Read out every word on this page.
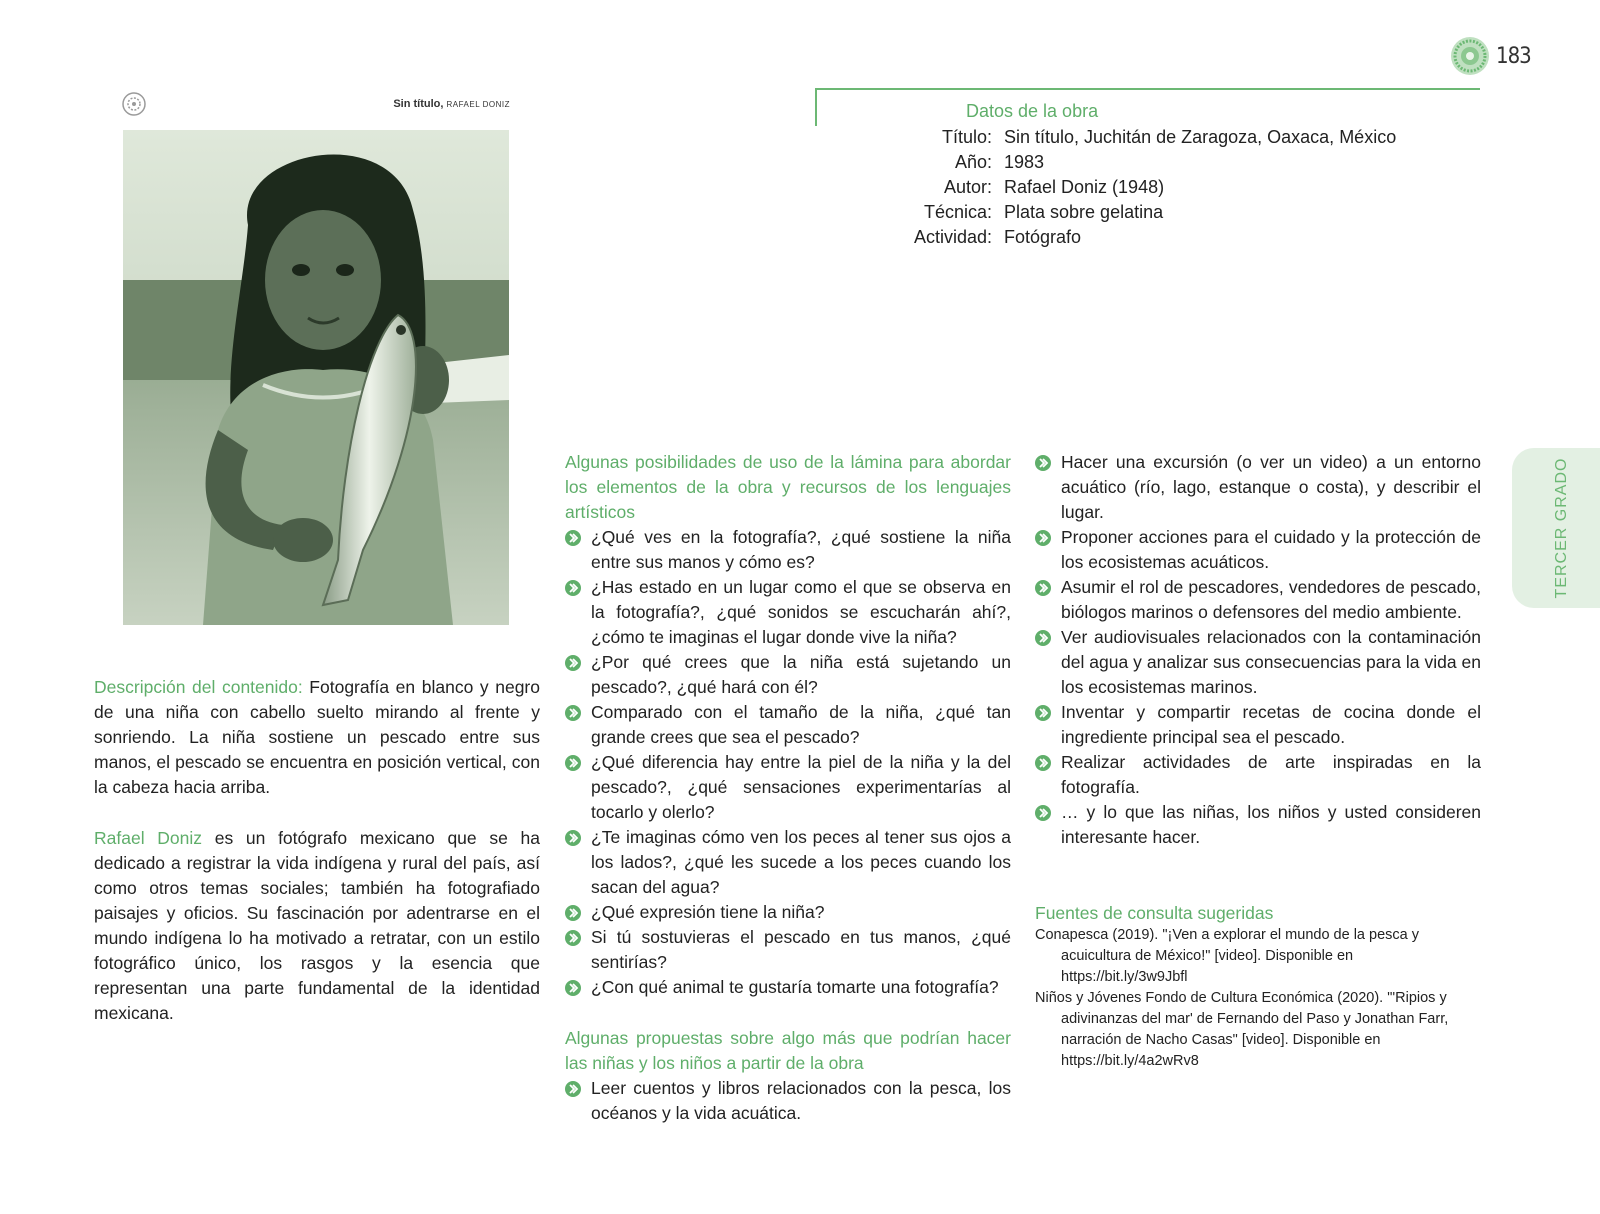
183
TERCER GRADO
Sin título, RAFAEL DONIZ	Datos de la obra
Título: Sin título, Juchitán de Zaragoza, Oaxaca, México
Año: 1983
Autor: Rafael Doniz (1948)
Técnica: Plata sobre gelatina
Actividad: Fotógrafo

Descripción del contenido: Fotografía en blanco y negro de una niña con cabello suelto mirando al frente y sonriendo. La niña sostiene un pescado entre sus manos, el pescado se encuentra en posición vertical, con la cabeza hacia arriba.

Rafael Doniz es un fotógrafo mexicano que se ha dedicado a registrar la vida indígena y rural del país, así como otros temas sociales; también ha fotografiado paisajes y oficios. Su fascinación por adentrarse en el mundo indígena lo ha motivado a retratar, con un estilo fotográfico único, los rasgos y la esencia que representan una parte fundamental de la identidad mexicana.

Algunas posibilidades de uso de la lámina para abordar los elementos de la obra y recursos de los lenguajes artísticos

¿Qué ves en la fotografía?, ¿qué sostiene la niña entre sus manos y cómo es?
¿Has estado en un lugar como el que se observa en la fotografía?, ¿qué sonidos se escucharán ahí?, ¿cómo te imaginas el lugar donde vive la niña?
¿Por qué crees que la niña está sujetando un pescado?, ¿qué hará con él?
Comparado con el tamaño de la niña, ¿qué tan grande crees que sea el pescado?
¿Qué diferencia hay entre la piel de la niña y la del pescado?, ¿qué sensaciones experimentarías al tocarlo y olerlo?
¿Te imaginas cómo ven los peces al tener sus ojos a los lados?, ¿qué les sucede a los peces cuando los sacan del agua?
¿Qué expresión tiene la niña?
Si tú sostuvieras el pescado en tus manos, ¿qué sentirías?
¿Con qué animal te gustaría tomarte una fotografía?

Algunas propuestas sobre algo más que podrían hacer las niñas y los niños a partir de la obra

Leer cuentos y libros relacionados con la pesca, los océanos y la vida acuática.
Hacer una excursión (o ver un video) a un entorno acuático (río, lago, estanque o costa), y describir el lugar.
Proponer acciones para el cuidado y la protección de los ecosistemas acuáticos.
Asumir el rol de pescadores, vendedores de pescado, biólogos marinos o defensores del medio ambiente.
Ver audiovisuales relacionados con la contaminación del agua y analizar sus consecuencias para la vida en los ecosistemas marinos.
Inventar y compartir recetas de cocina donde el ingrediente principal sea el pescado.
Realizar actividades de arte inspiradas en la fotografía.
… y lo que las niñas, los niños y usted consideren interesante hacer.

Fuentes de consulta sugeridas

Conapesca (2019). "¡Ven a explorar el mundo de la pesca y acuicultura de México!" [video]. Disponible en https://bit.ly/3w9Jbfl

Niños y Jóvenes Fondo de Cultura Económica (2020). "'Ripios y adivinanzas del mar' de Fernando del Paso y Jonathan Farr, narración de Nacho Casas" [video]. Disponible en https://bit.ly/4a2wRv8
